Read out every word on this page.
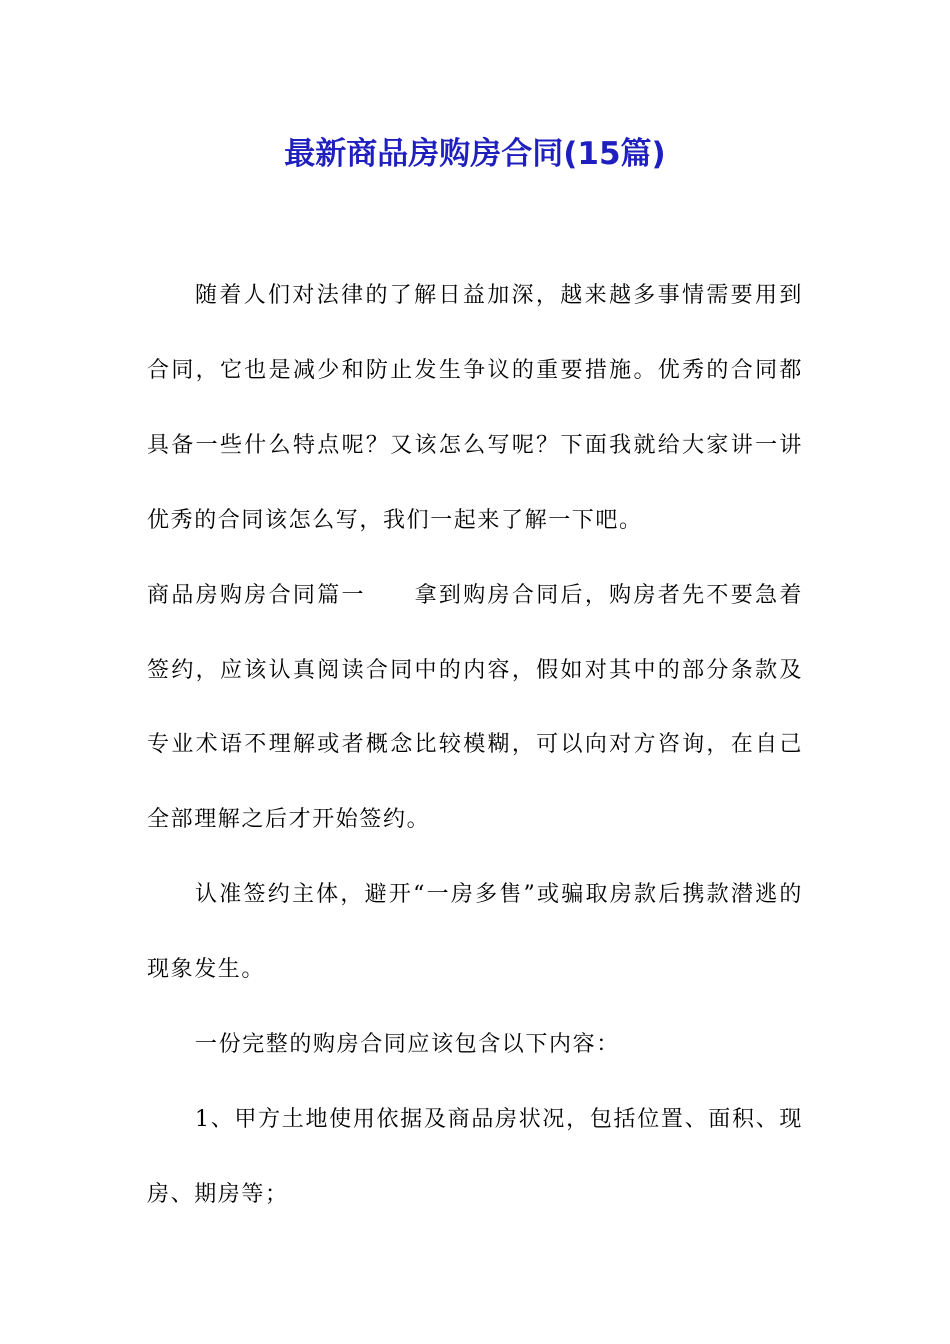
最新商品房购房合同(15篇)

随着人们对法律的了解日益加深，越来越多事情需要用到合同，它也是减少和防止发生争议的重要措施。优秀的合同都具备一些什么特点呢？又该怎么写呢？下面我就给大家讲一讲优秀的合同该怎么写，我们一起来了解一下吧。

商品房购房合同篇一 拿到购房合同后，购房者先不要急着签约，应该认真阅读合同中的内容，假如对其中的部分条款及专业术语不理解或者概念比较模糊，可以向对方咨询，在自己全部理解之后才开始签约。

认准签约主体，避开“一房多售”或骗取房款后携款潜逃的现象发生。

一份完整的购房合同应该包含以下内容：

1、甲方土地使用依据及商品房状况，包括位置、面积、现房、期房等；
